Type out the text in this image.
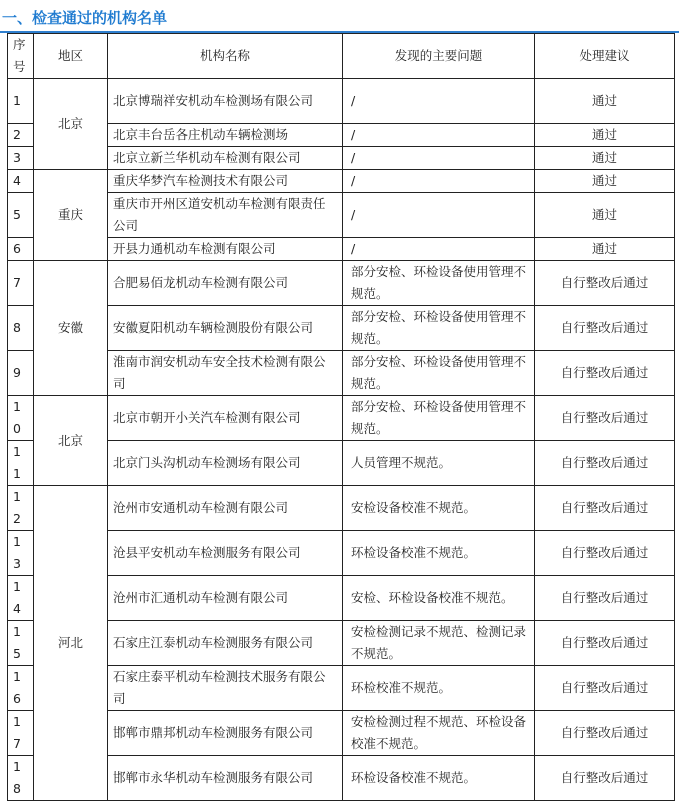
一、检查通过的机构名单
序号	地区	机构名称	发现的主要问题	处理建议
1	北京	北京博瑞祥安机动车检测场有限公司	/	通过
2		北京丰台岳各庄机动车辆检测场	/	通过
3		北京立新兰华机动车检测有限公司	/	通过
4	重庆	重庆华梦汽车检测技术有限公司	/	通过
5		重庆市开州区道安机动车检测有限责任公司	/	通过
6		开县力通机动车检测有限公司	/	通过
7	安徽	合肥易佰龙机动车检测有限公司	部分安检、环检设备使用管理不规范。	自行整改后通过
8		安徽夏阳机动车辆检测股份有限公司	部分安检、环检设备使用管理不规范。	自行整改后通过
9		淮南市润安机动车安全技术检测有限公司	部分安检、环检设备使用管理不规范。	自行整改后通过
10	北京	北京市朝开小关汽车检测有限公司	部分安检、环检设备使用管理不规范。	自行整改后通过
11		北京门头沟机动车检测场有限公司	人员管理不规范。	自行整改后通过
12	河北	沧州市安通机动车检测有限公司	安检设备校准不规范。	自行整改后通过
13		沧县平安机动车检测服务有限公司	环检设备校准不规范。	自行整改后通过
14		沧州市汇通机动车检测有限公司	安检、环检设备校准不规范。	自行整改后通过
15		石家庄江泰机动车检测服务有限公司	安检检测记录不规范、检测记录不规范。	自行整改后通过
16		石家庄泰平机动车检测技术服务有限公司	环检校准不规范。	自行整改后通过
17		邯郸市鼎邦机动车检测服务有限公司	安检检测过程不规范、环检设备校准不规范。	自行整改后通过
18		邯郸市永华机动车检测服务有限公司	环检设备校准不规范。	自行整改后通过
